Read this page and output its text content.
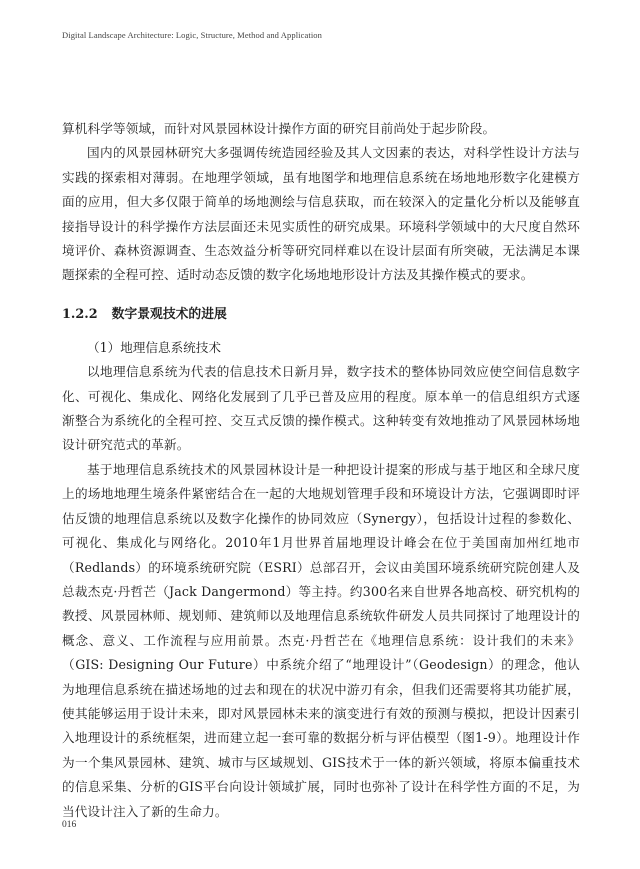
Digital Landscape Architecture: Logic, Structure, Method and Application

算机科学等领域，而针对风景园林设计操作方面的研究目前尚处于起步阶段。

国内的风景园林研究大多强调传统造园经验及其人文因素的表达，对科学性设计方法与实践的探索相对薄弱。在地理学领域，虽有地图学和地理信息系统在场地地形数字化建模方面的应用，但大多仅限于简单的场地测绘与信息获取，而在较深入的定量化分析以及能够直接指导设计的科学操作方法层面还未见实质性的研究成果。环境科学领域中的大尺度自然环境评价、森林资源调查、生态效益分析等研究同样难以在设计层面有所突破，无法满足本课题探索的全程可控、适时动态反馈的数字化场地地形设计方法及其操作模式的要求。

1.2.2 数字景观技术的进展

（1）地理信息系统技术

以地理信息系统为代表的信息技术日新月异，数字技术的整体协同效应使空间信息数字化、可视化、集成化、网络化发展到了几乎已普及应用的程度。原本单一的信息组织方式逐渐整合为系统化的全程可控、交互式反馈的操作模式。这种转变有效地推动了风景园林场地设计研究范式的革新。

基于地理信息系统技术的风景园林设计是一种把设计提案的形成与基于地区和全球尺度上的场地地理生境条件紧密结合在一起的大地规划管理手段和环境设计方法，它强调即时评估反馈的地理信息系统以及数字化操作的协同效应（Synergy），包括设计过程的参数化、可视化、集成化与网络化。2010年1月世界首届地理设计峰会在位于美国南加州红地市（Redlands）的环境系统研究院（ESRI）总部召开，会议由美国环境系统研究院创建人及总裁杰克·丹哲芒（Jack Dangermond）等主持。约300名来自世界各地高校、研究机构的教授、风景园林师、规划师、建筑师以及地理信息系统软件研发人员共同探讨了地理设计的概念、意义、工作流程与应用前景。杰克·丹哲芒在《地理信息系统：设计我们的未来》（GIS: Designing Our Future）中系统介绍了“地理设计”（Geodesign）的理念，他认为地理信息系统在描述场地的过去和现在的状况中游刃有余，但我们还需要将其功能扩展，使其能够运用于设计未来，即对风景园林未来的演变进行有效的预测与模拟，把设计因素引入地理设计的系统框架，进而建立起一套可靠的数据分析与评估模型（图1-9）。地理设计作为一个集风景园林、建筑、城市与区域规划、GIS技术于一体的新兴领域，将原本偏重技术的信息采集、分析的GIS平台向设计领域扩展，同时也弥补了设计在科学性方面的不足，为当代设计注入了新的生命力。

016
